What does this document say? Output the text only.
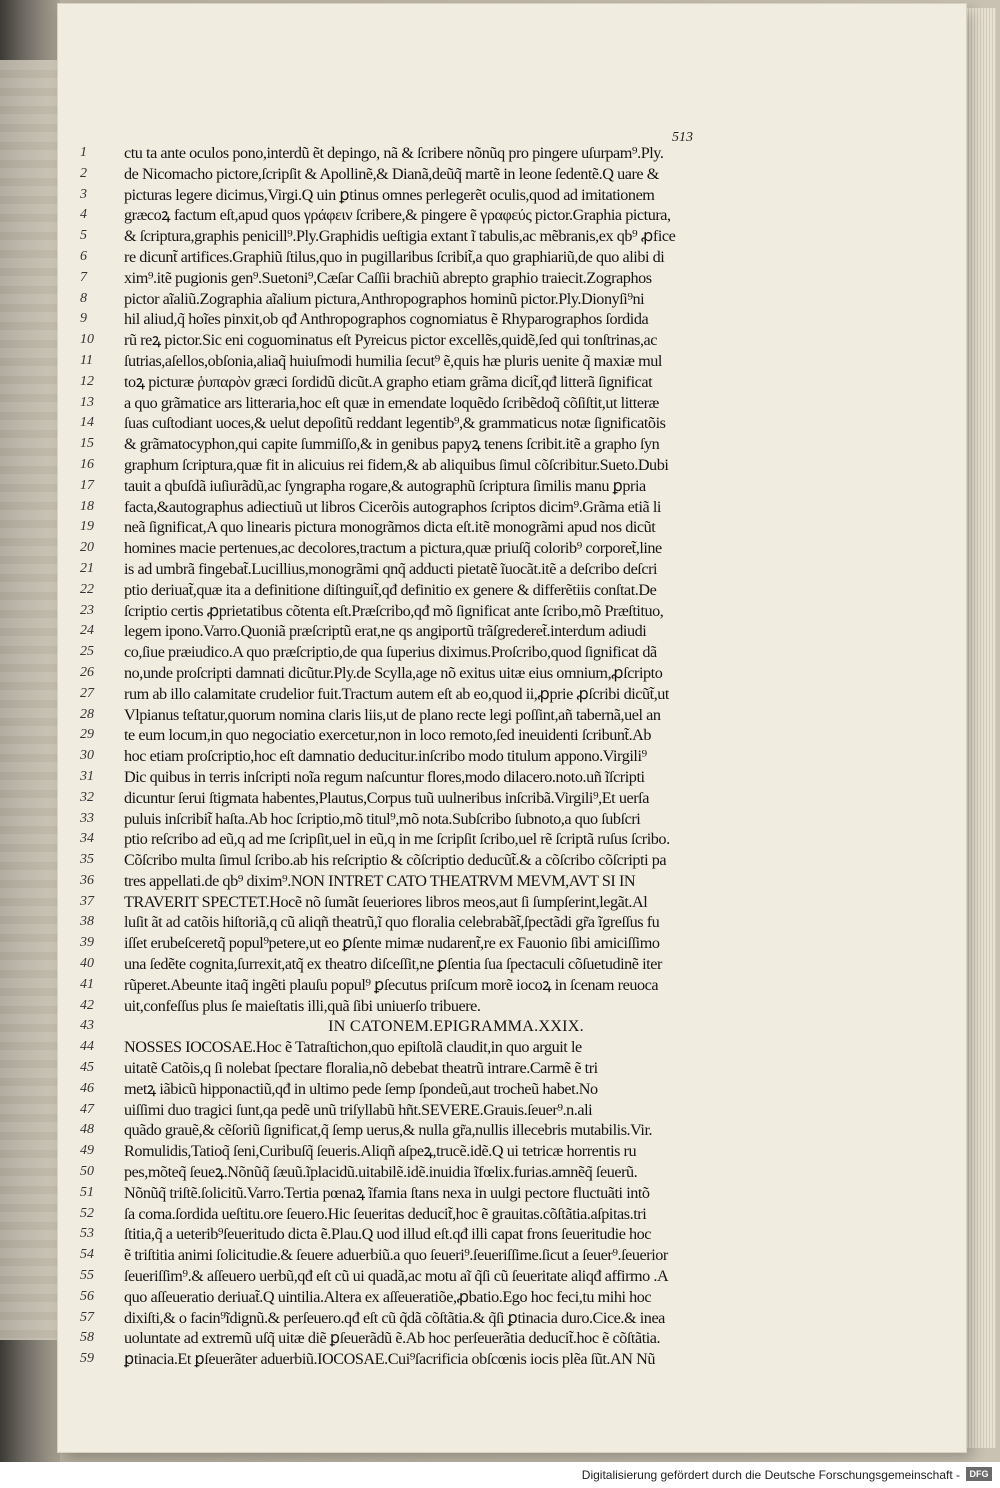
513
1
2
3
4
5
6
7
8
9
10
11
12
13
14
15
16
17
18
19
20
21
22
23
24
25
26
27
28
29
30
31
32
33
34
35
36
37
38
39
40
41
42
43
44
45
46
47
48
49
50
51
52
53
54
55
56
57
58
59
ctu ta ante oculos pono,interdũ ẽt depingo, nã & ſcribere nõnũq pro pingere uſurpam⁹.Ply.
de Nicomacho pictore,ſcripſit & Apollinẽ,& Dianã,deũq̃ martẽ in leone ſedentẽ.Q uare &
picturas legere dicimus,Virgi.Q uin ꝑtinus omnes perlegerẽt oculis,quod ad imitationem
græcoꝝ factum eſt,apud quos γράφειν ſcribere,& pingere ẽ γραφεύς pictor.Graphia pictura,
& ſcriptura,graphis penicill⁹.Ply.Graphidis ueſtigia extant ĩ tabulis,ac mẽbranis,ex qb⁹ ꝓfice
re dicunt̃ artifices.Graphiũ ſtilus,quo in pugillaribus ſcribit̃,a quo graphiariũ,de quo alibi di
xim⁹.itẽ pugionis gen⁹.Suetoni⁹,Cæſar Caſſii brachiũ abrepto graphio traiecit.Zographos
pictor aĩaliũ.Zographia aĩalium pictura,Anthropographos hominũ pictor.Ply.Dionyſi⁹ni
hil aliud,q̃ hoĩes pinxit,ob qđ Anthropographos cognomiatus ẽ Rhyparographos ſordida
rũ reꝝ pictor.Sic eni coguominatus eſt Pyreicus pictor excellẽs,quidẽ,ſed qui tonſtrinas,ac
ſutrias,aſellos,obſonia,aliaq̃ huiuſmodi humilia ſecut⁹ ẽ,quis hæ pluris uenite q̃ maxiæ mul
toꝝ picturæ ῥυπαρὸν græci ſordidũ dicũt.A grapho etiam grãma dicit̃,qđ litterã ſignificat
a quo grãmatice ars litteraria,hoc eſt quæ in emendate loquẽdo ſcribẽdoq̃ cõſiſtit,ut litteræ
ſuas cuſtodiant uoces,& uelut depoſitũ reddant legentib⁹,& grammaticus notæ ſignificatõis
& grãmatocyphon,qui capite ſummiſſo,& in genibus papyꝝ tenens ſcribit.itẽ a grapho ſyn
graphum ſcriptura,quæ fit in alicuius rei fidem,& ab aliquibus ſimul cõſcribitur.Sueto.Dubi
tauit a qbuſdã iuſiurãdũ,ac ſyngrapha rogare,& autographũ ſcriptura ſimilis manu ꝑpria
facta,&autographus adiectiuũ ut libros Cicerõis autographos ſcriptos dicim⁹.Grãma etiã li
neã ſignificat,A quo linearis pictura monogrãmos dicta eſt.itẽ monogrãmi apud nos dicũt
homines macie pertenues,ac decolores,tractum a pictura,quæ priuſq̃ colorib⁹ corporet̃,line
is ad umbrã fingebat̃.Lucillius,monogrãmi qnq̃ adducti pietatẽ ĩuocãt.itẽ a deſcribo deſcri
ptio deriuat̃,quæ ita a definitione diſtinguit̃,qđ definitio ex genere & differẽtiis conſtat.De
ſcriptio certis ꝓprietatibus cõtenta eſt.Præſcribo,qđ mõ ſignificat ante ſcribo,mõ Præſtituo,
legem ipono.Varro.Quoniã præſcriptũ erat,ne qs angiportũ trãſgrederet̃.interdum adiudi
co,ſiue præiudico.A quo præſcriptio,de qua ſuperius diximus.Proſcribo,quod ſignificat dã
no,unde proſcripti damnati dicũtur.Ply.de Scylla,age nõ exitus uitæ eius omnium,ꝓſcripto
rum ab illo calamitate crudelior fuit.Tractum autem eſt ab eo,quod ii,ꝓprie ꝓſcribi dicũt̃,ut
Vlpianus teſtatur,quorum nomina claris liis,ut de plano recte legi poſſint,añ tabernã,uel an
te eum locum,in quo negociatio exercetur,non in loco remoto,ſed ineuidenti ſcribunt̃.Ab
hoc etiam proſcriptio,hoc eſt damnatio deducitur.inſcribo modo titulum appono.Virgili⁹
Dic quibus in terris inſcripti noĩa regum naſcuntur flores,modo dilacero.noto.uñ ĩſcripti
dicuntur ſerui ſtigmata habentes,Plautus,Corpus tuũ uulneribus inſcribã.Virgili⁹,Et uerſa
puluis inſcribit̃ haſta.Ab hoc ſcriptio,mõ titul⁹,mõ nota.Subſcribo ſubnoto,a quo ſubſcri
ptio reſcribo ad eũ,q ad me ſcripſit,uel in eũ,q in me ſcripſit ſcribo,uel rẽ ſcriptã ruſus ſcribo.
Cõſcribo multa ſimul ſcribo.ab his reſcriptio & cõſcriptio deducũt̃.& a cõſcribo cõſcripti pa
tres appellati.de qb⁹ dixim⁹.NON INTRET CATO THEATRVM MEVM,AVT SI IN
TRAVERIT SPECTET.Hocẽ nõ ſumãt ſeueriores libros meos,aut ſi ſumpſerint,legãt.Al
luſit ãt ad catõis hiſtoriã,q cũ aliqñ theatrũ,ĩ quo floralia celebrabãt̃,ſpectãdi gr̃a ĩgreſſus fu
iſſet erubeſceretq̃ popul⁹petere,ut eo ꝑſente mimæ nudarent̃,re ex Fauonio ſibi amiciſſimo
una ſedẽte cognita,ſurrexit,atq̃ ex theatro diſceſſit,ne ꝑſentia ſua ſpectaculi cõſuetudinẽ iter
rũperet.Abeunte itaq̃ ingẽti plauſu popul⁹ ꝑſecutus priſcum morẽ iocoꝝ in ſcenam reuoca
uit,confeſſus plus ſe maieſtatis illi,quã ſibi uniuerſo tribuere.
IN CATONEM.EPIGRAMMA.XXIX.
NOSSES IOCOSAE.Hoc ẽ Tatraſtichon,quo epiſtolã claudit,in quo arguit le
uitatẽ Catõis,q ſi nolebat ſpectare floralia,nõ debebat theatrũ intrare.Carmẽ ẽ tri
metꝝ iãbicũ hipponactiũ,qđ in ultimo pede ſemp ſpondeũ,aut trocheũ habet.No
uiſſimi duo tragici ſunt,qa pedẽ unũ triſyllabũ hñt.SEVERE.Grauis.ſeuer⁹.n.ali
quãdo grauẽ,& cẽſoriũ ſignificat,q̃ ſemp uerus,& nulla gr̃a,nullis illecebris mutabilis.Vir.
Romulidis,Tatioq̃ ſeni,Curibuſq̃ ſeueris.Aliqñ aſpeꝝ,trucẽ.idẽ.Q ui tetricæ horrentis ru
pes,mõteq̃ ſeueꝝ.Nõnũq̃ ſæuũ.ĩplacidũ.uitabilẽ.idẽ.inuidia ĩfœlix.furias.amnẽq̃ ſeuerũ.
Nõnũq̃ triſtẽ.ſolicitũ.Varro.Tertia pœnaꝝ ĩfamia ſtans nexa in uulgi pectore fluctuãti intõ
ſa coma.ſordida ueſtitu.ore ſeuero.Hic ſeueritas deducit̃,hoc ẽ grauitas.cõſtãtia.aſpitas.tri
ſtitia,q̃ a ueterib⁹ſeueritudo dicta ẽ.Plau.Q uod illud eſt.qđ illi capat frons ſeueritudie hoc
ẽ triſtitia animi ſolicitudie.& ſeuere aduerbiũ.a quo ſeueri⁹.ſeueriſſime.ſicut a ſeuer⁹.ſeuerior
ſeueriſſim⁹.& aſſeuero uerbũ,qđ eſt cũ ui quadã,ac motu aĩ q̃ſi cũ ſeueritate aliqđ affirmo .A
quo aſſeueratio deriuat̃.Q uintilia.Altera ex aſſeueratiõe,ꝓbatio.Ego hoc feci,tu mihi hoc
dixiſti,& o facin⁹ĩdignũ.& perſeuero.qđ eſt cũ q̃dã cõſtãtia.& q̃ſi ꝑtinacia duro.Cice.& inea
uoluntate ad extremũ uſq̃ uitæ diẽ ꝑſeuerãdũ ẽ.Ab hoc perſeuerãtia deducit̃.hoc ẽ cõſtãtia.
ꝑtinacia.Et ꝑſeuerãter aduerbiũ.IOCOSAE.Cui⁹ſacrificia obſcœnis iocis plẽa ſũt.AN Nũ
Digitalisierung gefördert durch die Deutsche Forschungsgemeinschaft -	DFG
